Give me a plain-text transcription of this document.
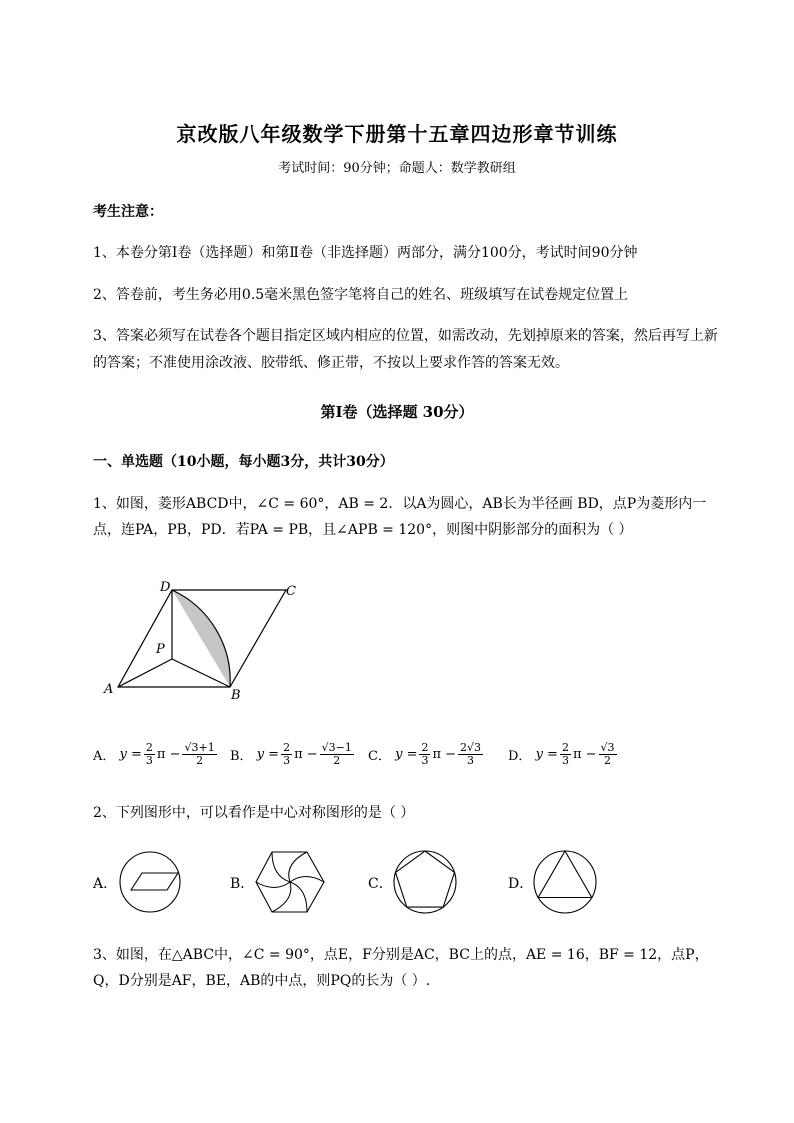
京改版八年级数学下册第十五章四边形章节训练
考试时间：90分钟；命题人：数学教研组
考生注意：
1、本卷分第I卷（选择题）和第Ⅱ卷（非选择题）两部分，满分100分，考试时间90分钟
2、答卷前，考生务必用0.5毫米黑色签字笔将自己的姓名、班级填写在试卷规定位置上
3、答案必须写在试卷各个题目指定区域内相应的位置，如需改动，先划掉原来的答案，然后再写上新
的答案；不准使用涂改液、胶带纸、修正带，不按以上要求作答的答案无效。
第I卷（选择题 30分）
一、单选题（10小题，每小题3分，共计30分）
1、如图，菱形ABCD中，∠C = 60°，AB = 2．以A为圆心，AB长为半径画 BD，点P为菱形内一
点，连PA，PB，PD．若PA = PB，且∠APB = 120°，则图中阴影部分的面积为（ ）
D	C
P
A	B
A．
$y = \frac{2}{3}$ $\pi - \frac{√3+1}{2}$ B．
$y = \frac{2}{3}$ $\pi - \frac{√3-1}{2}$ C．
$y = \frac{2}{3}$ $\pi - \frac{2√3}{3}$ D．
$y = \frac{2}{3}$ $\pi - \frac{√3}{2}$
2、下列图形中，可以看作是中心对称图形的是（ ）
A．	B．	C．	D．
3、如图，在△ABC中，∠C = 90°，点E，F分别是AC，BC上的点，AE = 16，BF = 12，点P，
Q，D分别是AF，BE，AB的中点，则PQ的长为（ ）.
